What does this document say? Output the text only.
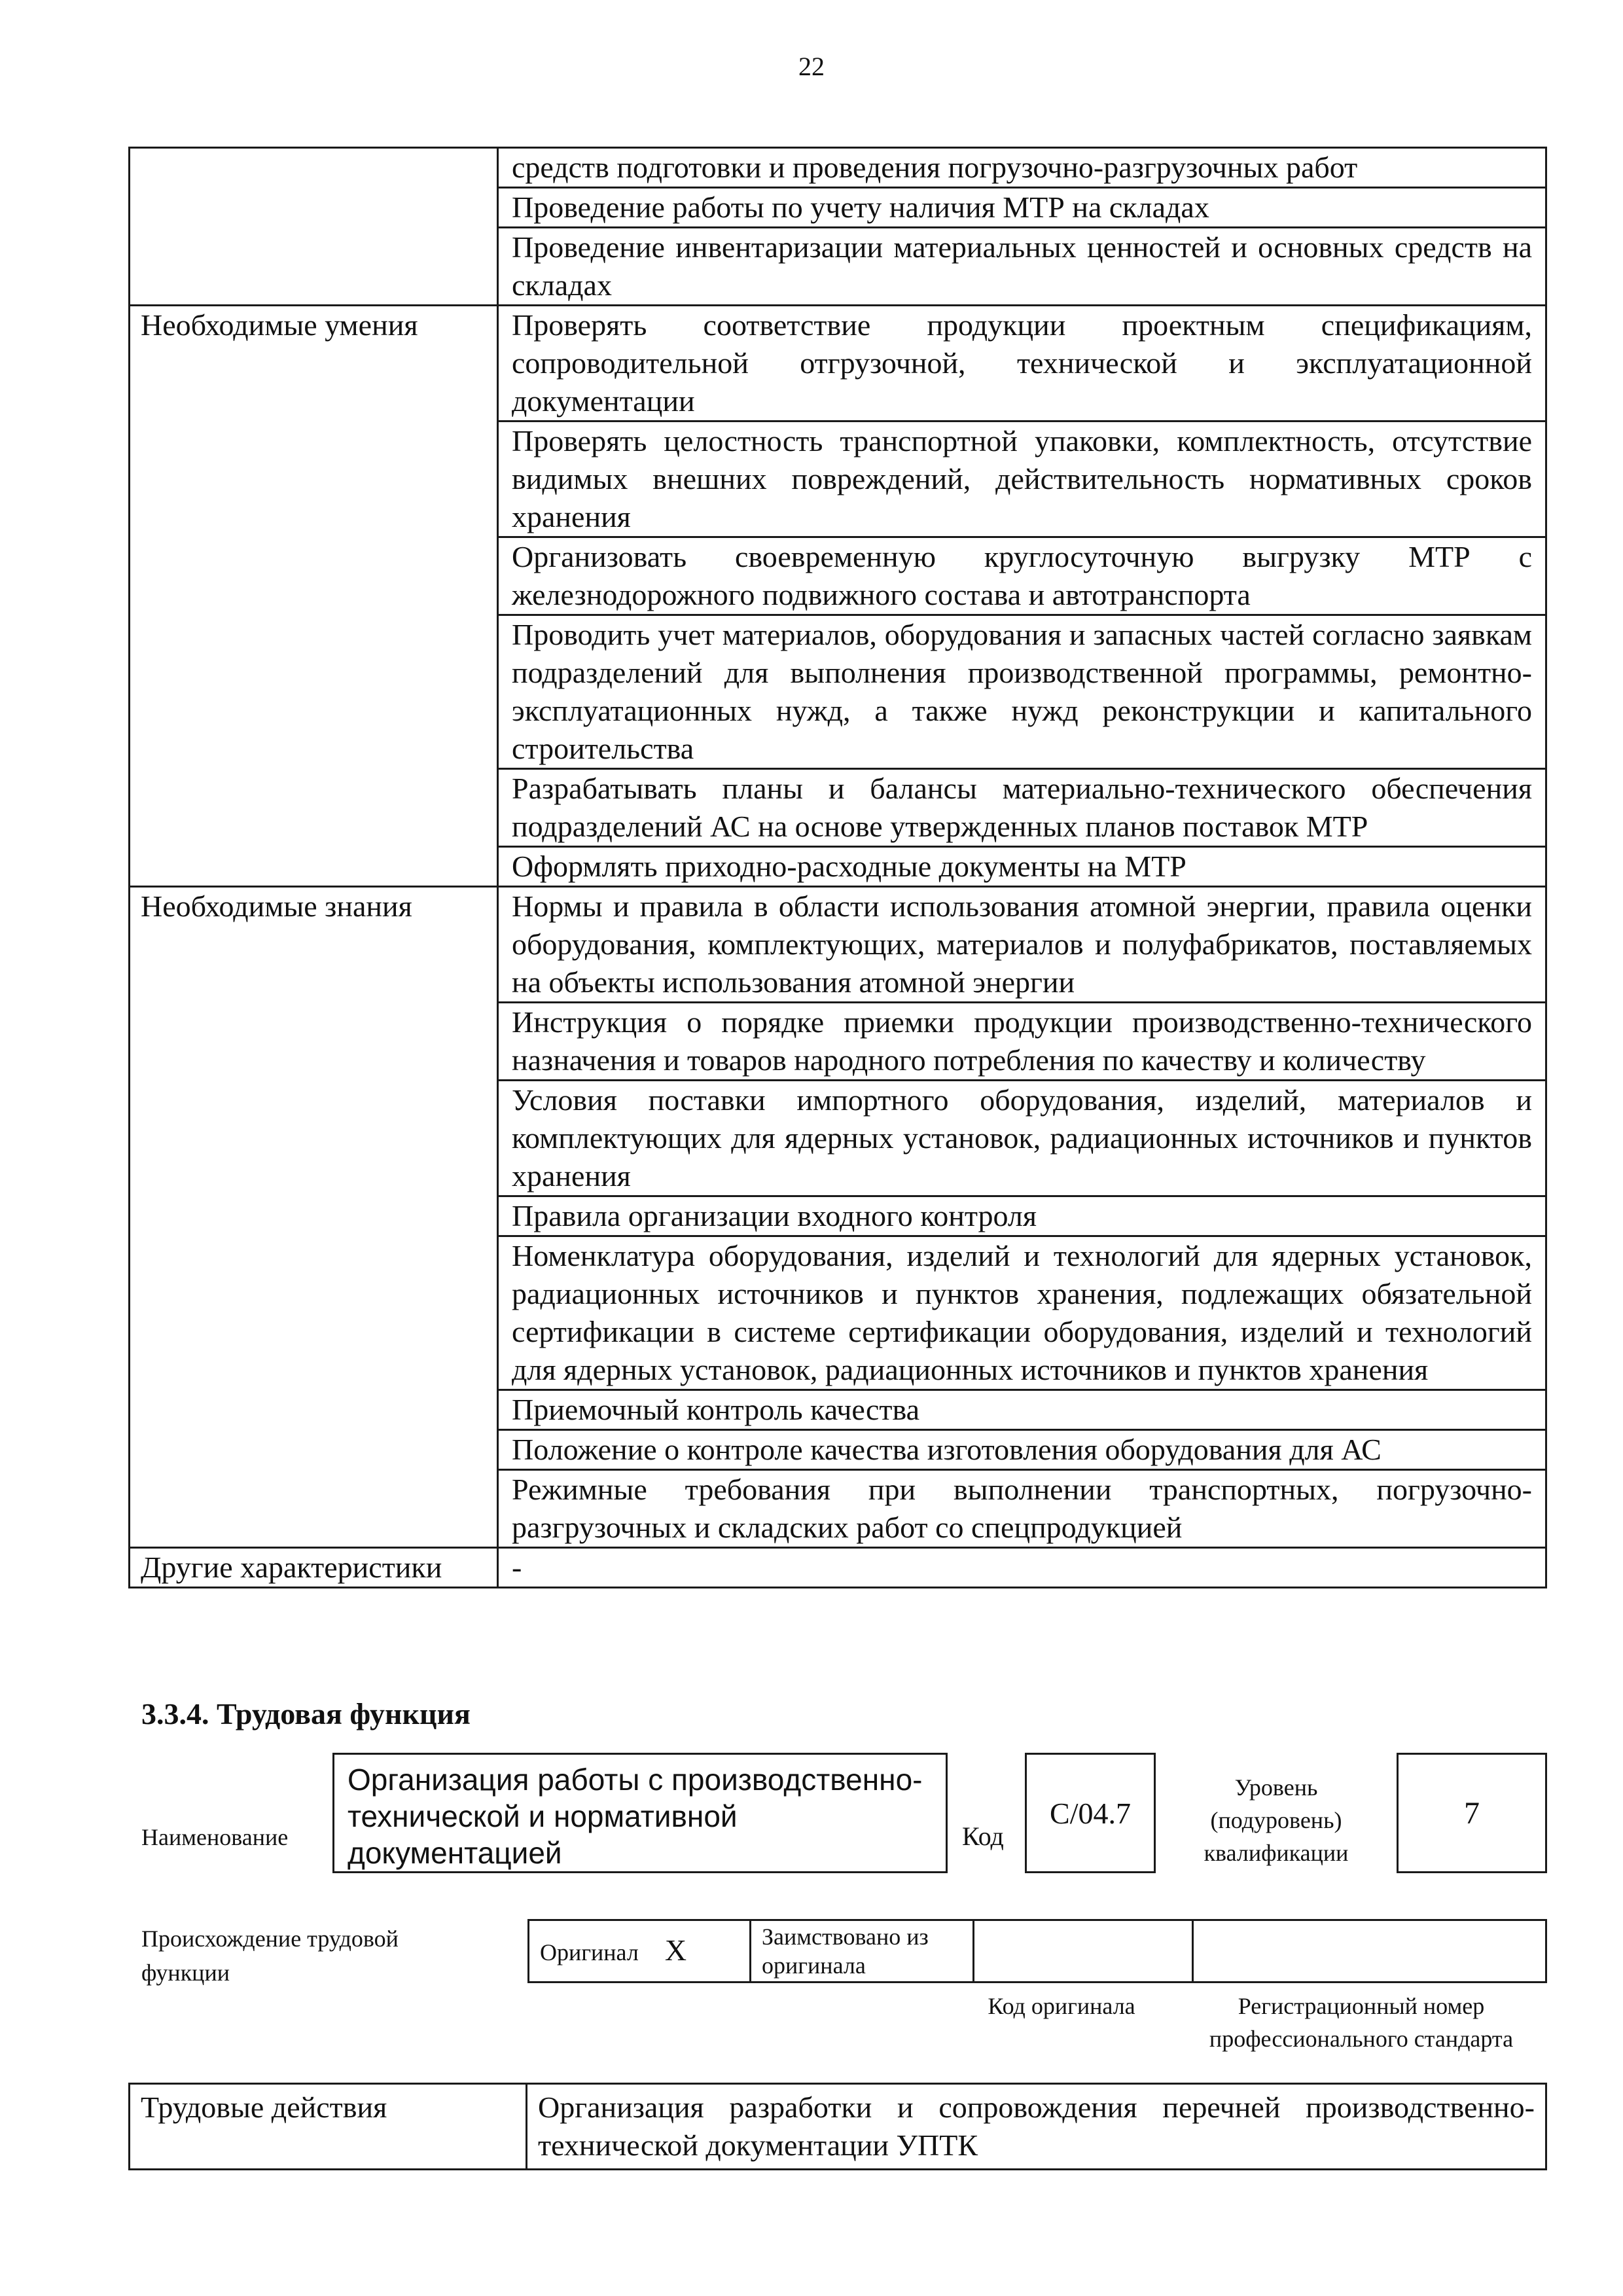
22
	средств подготовки и проведения погрузочно-разгрузочных работ
	Проведение работы по учету наличия МТР на складах
	Проведение инвентаризации материальных ценностей и основных средств на складах
Необходимые умения	Проверять соответствие продукции проектным спецификациям, сопроводительной отгрузочной, технической и эксплуатационной документации
	Проверять целостность транспортной упаковки, комплектность, отсутствие видимых внешних повреждений, действительность нормативных сроков хранения
	Организовать своевременную круглосуточную выгрузку МТР с железнодорожного подвижного состава и автотранспорта
	Проводить учет материалов, оборудования и запасных частей согласно заявкам подразделений для выполнения производственной программы, ремонтно-эксплуатационных нужд, а также нужд реконструкции и капитального строительства
	Разрабатывать планы и балансы материально-технического обеспечения подразделений АС на основе утвержденных планов поставок МТР
	Оформлять приходно-расходные документы на МТР
Необходимые знания	Нормы и правила в области использования атомной энергии, правила оценки оборудования, комплектующих, материалов и полуфабрикатов, поставляемых на объекты использования атомной энергии
	Инструкция о порядке приемки продукции производственно-технического назначения и товаров народного потребления по качеству и количеству
	Условия поставки импортного оборудования, изделий, материалов и комплектующих для ядерных установок, радиационных источников и пунктов хранения
	Правила организации входного контроля
	Номенклатура оборудования, изделий и технологий для ядерных установок, радиационных источников и пунктов хранения, подлежащих обязательной сертификации в системе сертификации оборудования, изделий и технологий для ядерных установок, радиационных источников и пунктов хранения
	Приемочный контроль качества
	Положение о контроле качества изготовления оборудования для АС
	Режимные требования при выполнении транспортных, погрузочно-разгрузочных и складских работ со спецпродукцией
Другие характеристики	-
3.3.4. Трудовая функция
Наименование
Организация работы с производственно-технической и нормативной документацией	Код
С/04.7
Уровень (подуровень) квалификации
7
Происхождение трудовой функции
Оригинал X	Заимствовано из оригинала		
Код оригинала	Регистрационный номер профессионального стандарта
Трудовые действия	Организация разработки и сопровождения перечней производственно-технической документации УПТК
